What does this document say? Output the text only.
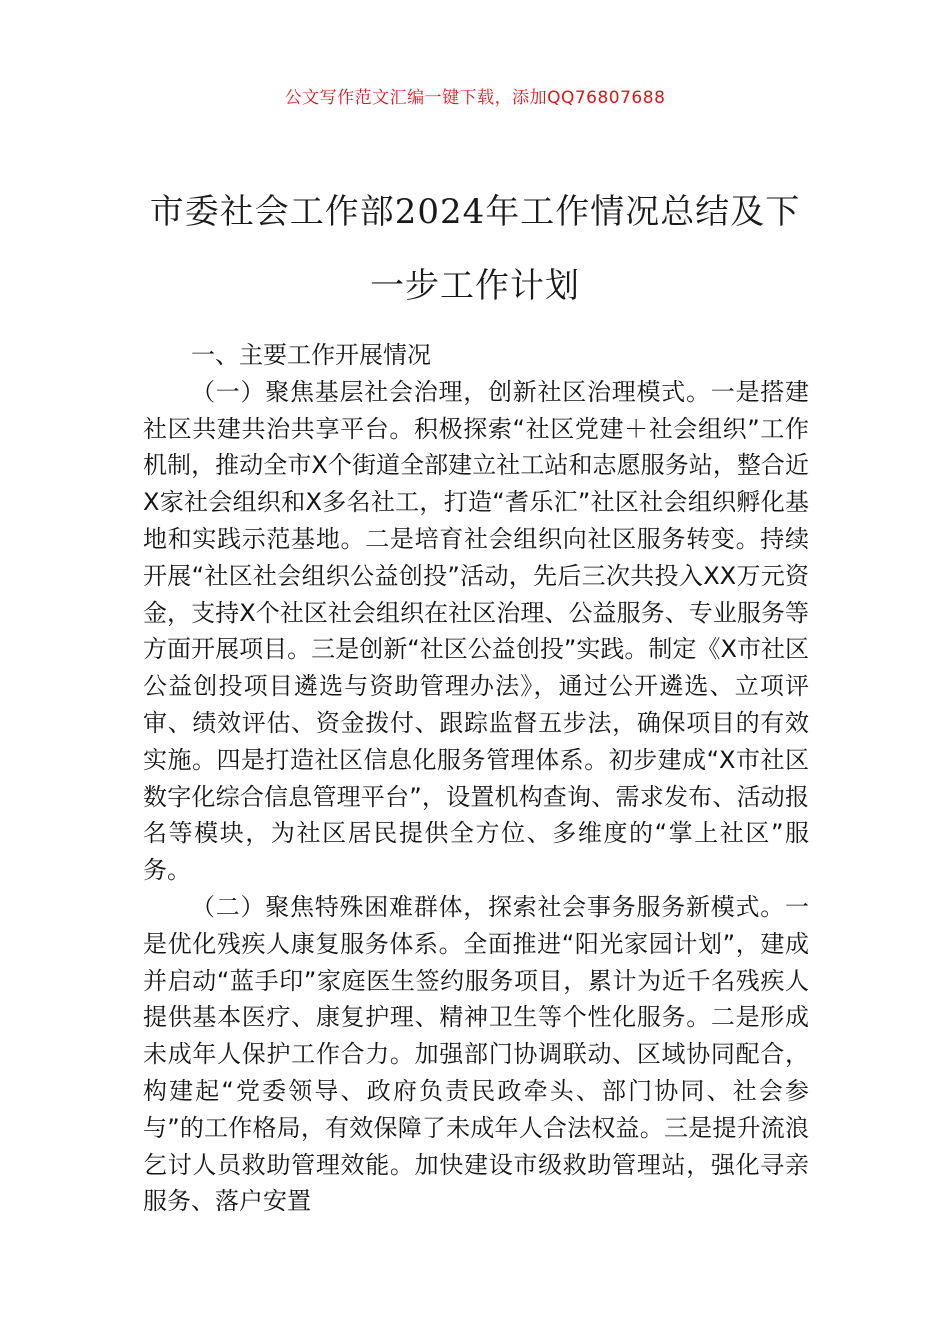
公文写作范文汇编一键下载，添加QQ76807688
市委社会工作部2024年工作情况总结及下
一步工作计划

一、主要工作开展情况

（一）聚焦基层社会治理，创新社区治理模式。一是搭建社区共建共治共享平台。积极探索“社区党建＋社会组织”工作机制，推动全市X个街道全部建立社工站和志愿服务站，整合近X家社会组织和X多名社工，打造“耆乐汇”社区社会组织孵化基地和实践示范基地。二是培育社会组织向社区服务转变。持续开展“社区社会组织公益创投”活动，先后三次共投入XX万元资金，支持X个社区社会组织在社区治理、公益服务、专业服务等方面开展项目。三是创新“社区公益创投”实践。制定《X市社区公益创投项目遴选与资助管理办法》，通过公开遴选、立项评审、绩效评估、资金拨付、跟踪监督五步法，确保项目的有效实施。四是打造社区信息化服务管理体系。初步建成“X市社区数字化综合信息管理平台”，设置机构查询、需求发布、活动报名等模块，为社区居民提供全方位、多维度的“掌上社区”服务。

（二）聚焦特殊困难群体，探索社会事务服务新模式。一是优化残疾人康复服务体系。全面推进“阳光家园计划”，建成并启动“蓝手印”家庭医生签约服务项目，累计为近千名残疾人提供基本医疗、康复护理、精神卫生等个性化服务。二是形成未成年人保护工作合力。加强部门协调联动、区域协同配合，构建起“党委领导、政府负责民政牵头、部门协同、社会参与”的工作格局，有效保障了未成年人合法权益。三是提升流浪乞讨人员救助管理效能。加快建设市级救助管理站，强化寻亲服务、落户安置
